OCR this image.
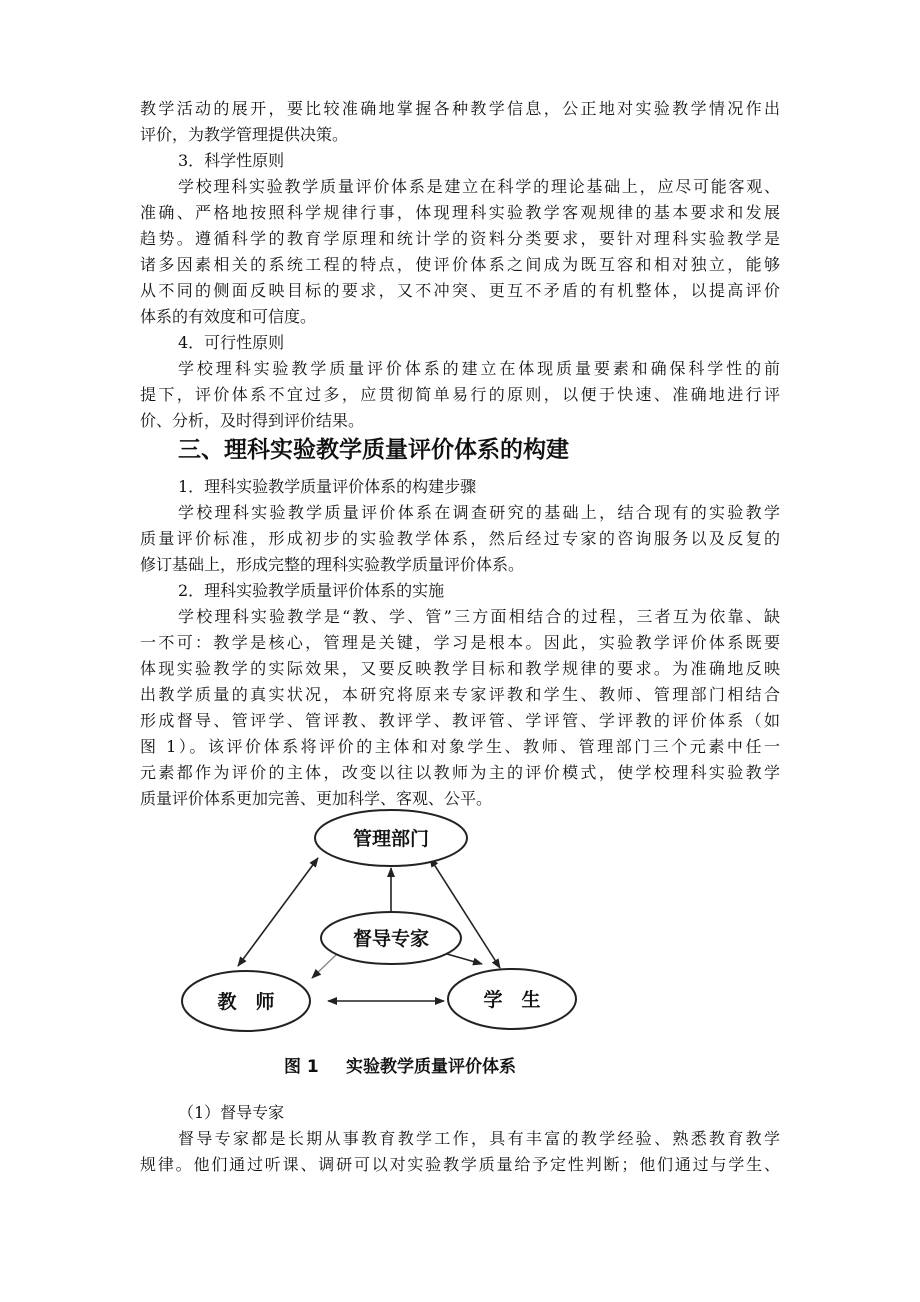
教学活动的展开，要比较准确地掌握各种教学信息，公正地对实验教学情况作出

评价，为教学管理提供决策。

3．科学性原则

学校理科实验教学质量评价体系是建立在科学的理论基础上，应尽可能客观、

准确、严格地按照科学规律行事，体现理科实验教学客观规律的基本要求和发展

趋势。遵循科学的教育学原理和统计学的资料分类要求，要针对理科实验教学是

诸多因素相关的系统工程的特点，使评价体系之间成为既互容和相对独立，能够

从不同的侧面反映目标的要求，又不冲突、更互不矛盾的有机整体，以提高评价

体系的有效度和可信度。

4．可行性原则

学校理科实验教学质量评价体系的建立在体现质量要素和确保科学性的前

提下，评价体系不宜过多，应贯彻简单易行的原则，以便于快速、准确地进行评

价、分析，及时得到评价结果。

三、理科实验教学质量评价体系的构建

1．理科实验教学质量评价体系的构建步骤

学校理科实验教学质量评价体系在调查研究的基础上，结合现有的实验教学

质量评价标准，形成初步的实验教学体系，然后经过专家的咨询服务以及反复的

修订基础上，形成完整的理科实验教学质量评价体系。

2．理科实验教学质量评价体系的实施

学校理科实验教学是“教、学、管”三方面相结合的过程，三者互为依靠、缺

一不可：教学是核心，管理是关键，学习是根本。因此，实验教学评价体系既要

体现实验教学的实际效果，又要反映教学目标和教学规律的要求。为准确地反映

出教学质量的真实状况，本研究将原来专家评教和学生、教师、管理部门相结合

形成督导、管评学、管评教、教评学、教评管、学评管、学评教的评价体系（如

图 1）。该评价体系将评价的主体和对象学生、教师、管理部门三个元素中任一

元素都作为评价的主体，改变以往以教师为主的评价模式，使学校理科实验教学

质量评价体系更加完善、更加科学、客观、公平。

管理部门
督导专家
教　师	学　生
图 1 实验教学质量评价体系

（1）督导专家

督导专家都是长期从事教育教学工作，具有丰富的教学经验、熟悉教育教学

规律。他们通过听课、调研可以对实验教学质量给予定性判断；他们通过与学生、
